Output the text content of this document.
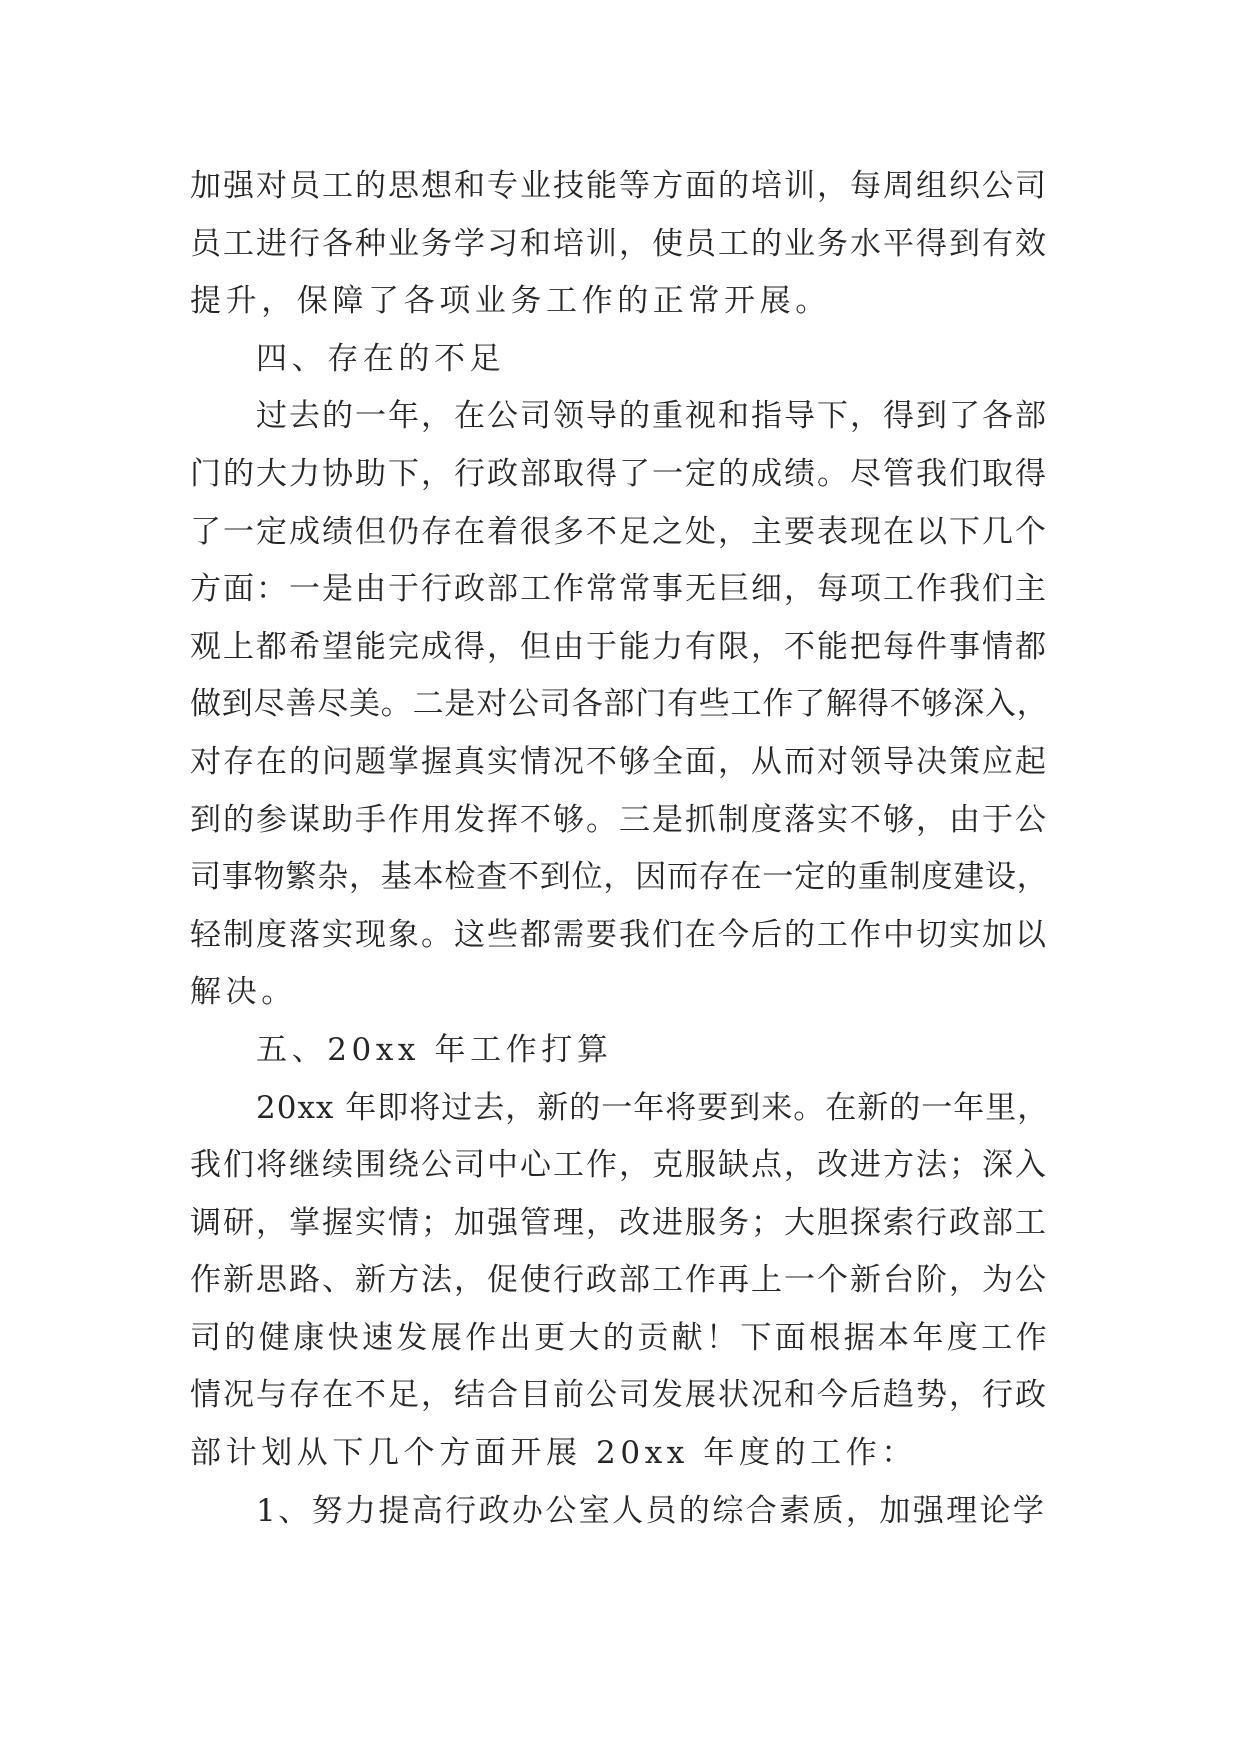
加强对员工的思想和专业技能等方面的培训，每周组织公司
员工进行各种业务学习和培训，使员工的业务水平得到有效
提升，保障了各项业务工作的正常开展。
四、存在的不足
过去的一年，在公司领导的重视和指导下，得到了各部
门的大力协助下，行政部取得了一定的成绩。尽管我们取得
了一定成绩但仍存在着很多不足之处，主要表现在以下几个
方面：一是由于行政部工作常常事无巨细，每项工作我们主
观上都希望能完成得，但由于能力有限，不能把每件事情都
做到尽善尽美。二是对公司各部门有些工作了解得不够深入，
对存在的问题掌握真实情况不够全面，从而对领导决策应起
到的参谋助手作用发挥不够。三是抓制度落实不够，由于公
司事物繁杂，基本检查不到位，因而存在一定的重制度建设，
轻制度落实现象。这些都需要我们在今后的工作中切实加以
解决。
五、20xx 年工作打算
20xx 年即将过去，新的一年将要到来。在新的一年里，
我们将继续围绕公司中心工作，克服缺点，改进方法；深入
调研，掌握实情；加强管理，改进服务；大胆探索行政部工
作新思路、新方法，促使行政部工作再上一个新台阶，为公
司的健康快速发展作出更大的贡献！下面根据本年度工作
情况与存在不足，结合目前公司发展状况和今后趋势，行政
部计划从下几个方面开展 20xx 年度的工作：
1、努力提高行政办公室人员的综合素质，加强理论学
